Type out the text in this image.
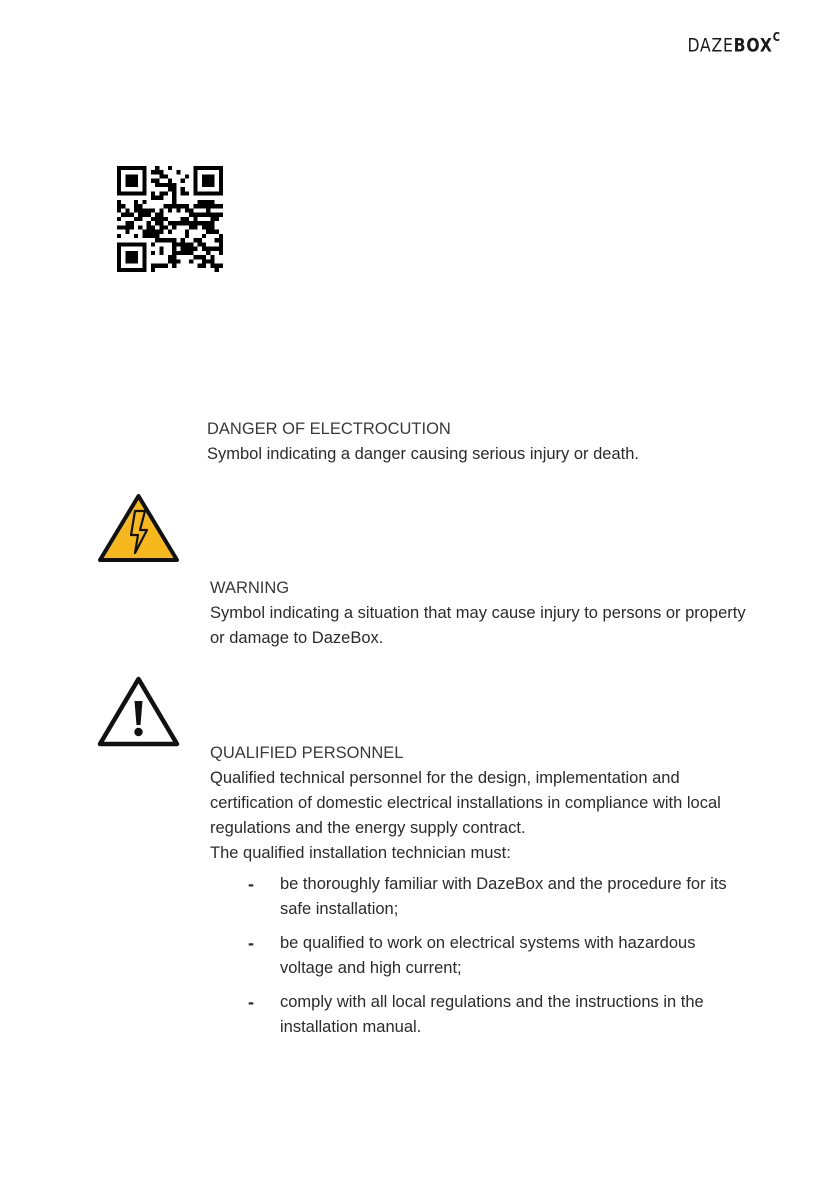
$DAZEBOX^C$
DANGER OF ELECTROCUTION
Symbol indicating a danger causing serious injury or death.
WARNING
Symbol indicating a situation that may cause injury to persons or property or damage to DazeBox.
QUALIFIED PERSONNEL
Qualified technical personnel for the design, implementation and certification of domestic electrical installations in compliance with local regulations and the energy supply contract.
The qualified installation technician must:
- be thoroughly familiar with DazeBox and the procedure for its safe installation;
- be qualified to work on electrical systems with hazardous voltage and high current;
- comply with all local regulations and the instructions in the installation manual.
